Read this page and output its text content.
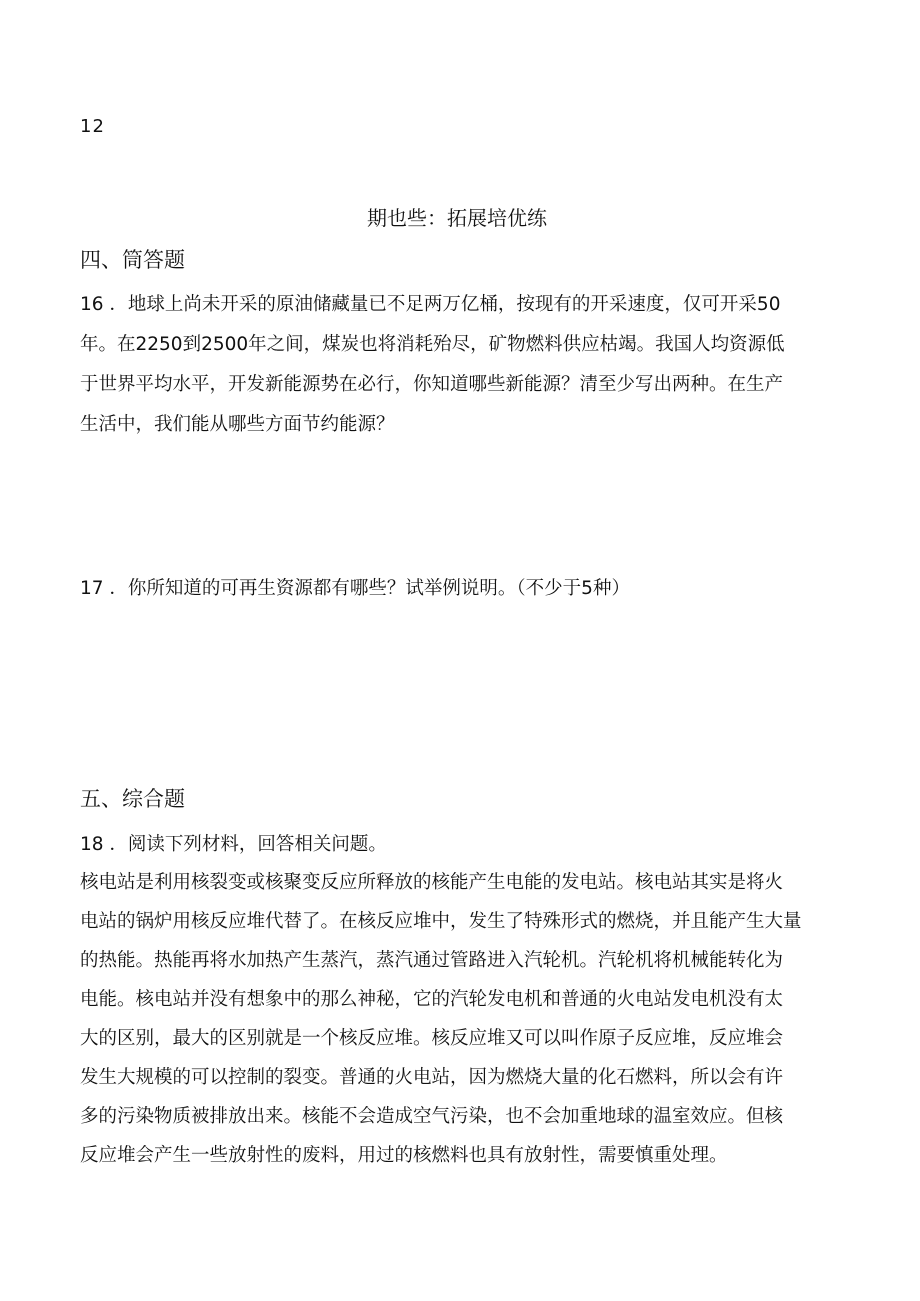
12
期也些：拓展培优练
四、筒答题
16 ．地球上尚未开采的原油储藏量已不足两万亿桶，按现有的开采速度，仅可开采50
年。在2250到2500年之间，煤炭也将消耗殆尽，矿物燃料供应枯竭。我国人均资源低
于世界平均水平，开发新能源势在必行，你知道哪些新能源？清至少写出两种。在生产
生活中，我们能从哪些方面节约能源？
17 ．你所知道的可再生资源都有哪些？试举例说明。（不少于5种）
五、综合题
18 ．阅读下列材料，回答相关问题。
核电站是利用核裂变或核聚变反应所释放的核能产生电能的发电站。核电站其实是将火
电站的锅炉用核反应堆代替了。在核反应堆中，发生了特殊形式的燃烧，并且能产生大量
的热能。热能再将水加热产生蒸汽，蒸汽通过管路进入汽轮机。汽轮机将机械能转化为
电能。核电站并没有想象中的那么神秘，它的汽轮发电机和普通的火电站发电机没有太
大的区别，最大的区别就是一个核反应堆。核反应堆又可以叫作原子反应堆，反应堆会
发生大规模的可以控制的裂变。普通的火电站，因为燃烧大量的化石燃料，所以会有许
多的污染物质被排放出来。核能不会造成空气污染，也不会加重地球的温室效应。但核
反应堆会产生一些放射性的废料，用过的核燃料也具有放射性，需要慎重处理。
